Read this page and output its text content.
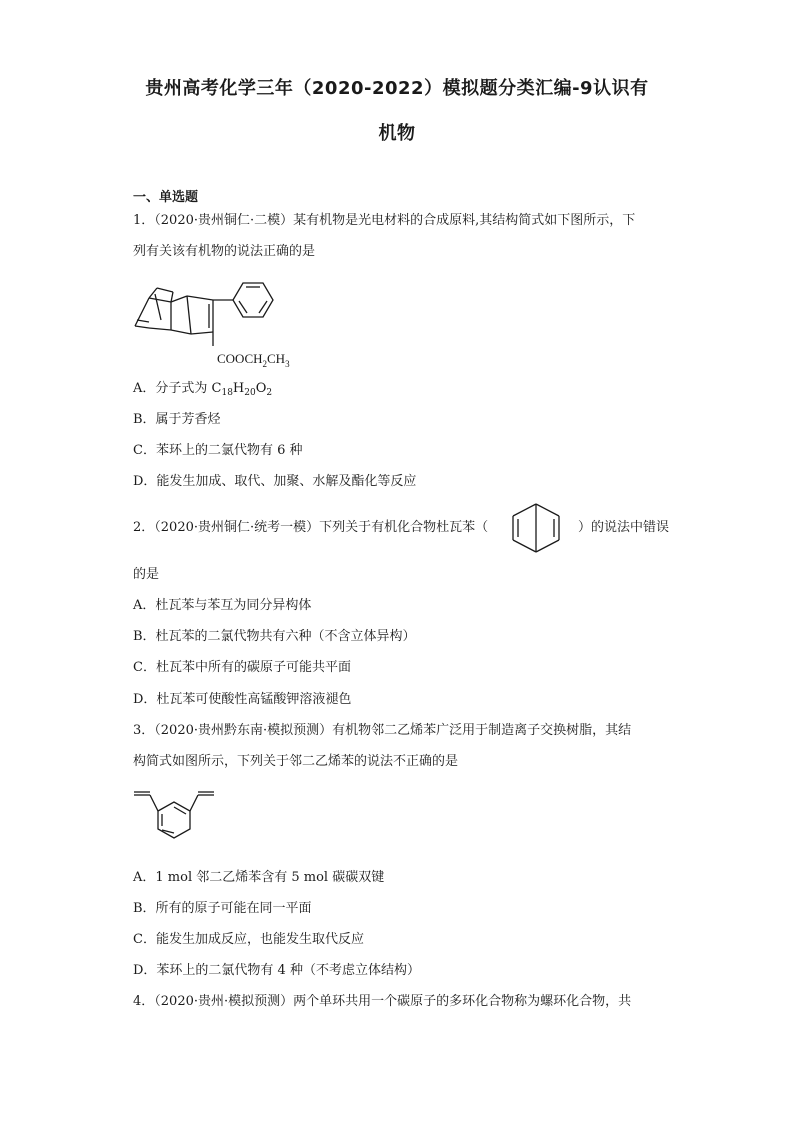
贵州高考化学三年（2020-2022）模拟题分类汇编-9认识有
机物
一、单选题
1．（2020·贵州铜仁·二模）某有机物是光电材料的合成原料,其结构简式如下图所示，下
列有关该有机物的说法正确的是
$COOCH_2CH_3$
A．分子式为 $C_{18}H_{20}O_2$
B．属于芳香烃
C．苯环上的二氯代物有 6 种
D．能发生加成、取代、加聚、水解及酯化等反应
2．（2020·贵州铜仁·统考一模）下列关于有机化合物杜瓦苯（	）的说法中错误
的是
A．杜瓦苯与苯互为同分异构体
B．杜瓦苯的二氯代物共有六种（不含立体异构）
C．杜瓦苯中所有的碳原子可能共平面
D．杜瓦苯可使酸性高锰酸钾溶液褪色
3．（2020·贵州黔东南·模拟预测）有机物邻二乙烯苯广泛用于制造离子交换树脂，其结
构简式如图所示，下列关于邻二乙烯苯的说法不正确的是
A．1 mol 邻二乙烯苯含有 5 mol 碳碳双键
B．所有的原子可能在同一平面
C．能发生加成反应，也能发生取代反应
D．苯环上的二氯代物有 4 种（不考虑立体结构）
4．（2020·贵州·模拟预测）两个单环共用一个碳原子的多环化合物称为螺环化合物，共
